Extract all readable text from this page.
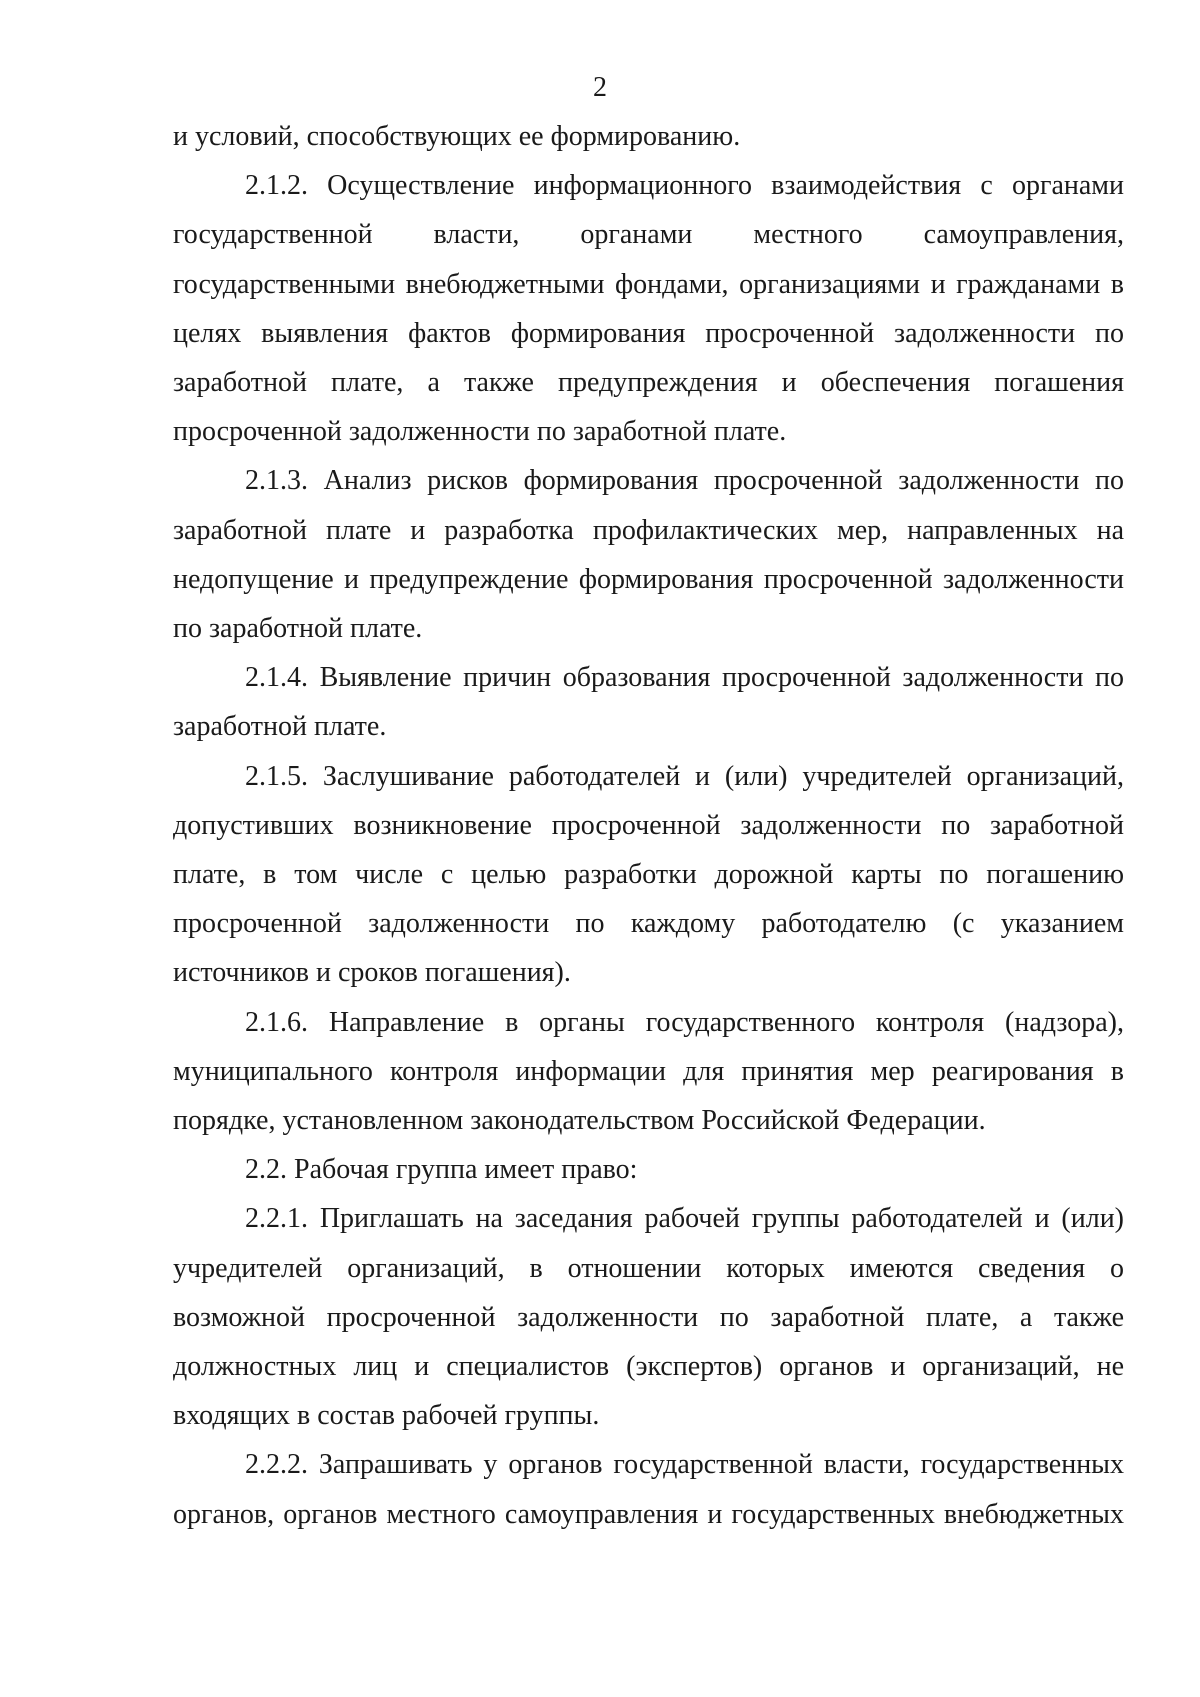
2

и условий, способствующих ее формированию.

2.1.2. Осуществление информационного взаимодействия с органами государственной власти, органами местного самоуправления, государственными внебюджетными фондами, организациями и гражданами в целях выявления фактов формирования просроченной задолженности по заработной плате, а также предупреждения и обеспечения погашения просроченной задолженности по заработной плате.

2.1.3. Анализ рисков формирования просроченной задолженности по заработной плате и разработка профилактических мер, направленных на недопущение и предупреждение формирования просроченной задолженности по заработной плате.

2.1.4. Выявление причин образования просроченной задолженности по заработной плате.

2.1.5. Заслушивание работодателей и (или) учредителей организаций, допустивших возникновение просроченной задолженности по заработной плате, в том числе с целью разработки дорожной карты по погашению просроченной задолженности по каждому работодателю (с указанием источников и сроков погашения).

2.1.6. Направление в органы государственного контроля (надзора), муниципального контроля информации для принятия мер реагирования в порядке, установленном законодательством Российской Федерации.

2.2. Рабочая группа имеет право:

2.2.1. Приглашать на заседания рабочей группы работодателей и (или) учредителей организаций, в отношении которых имеются сведения о возможной просроченной задолженности по заработной плате, а также должностных лиц и специалистов (экспертов) органов и организаций, не входящих в состав рабочей группы.

2.2.2. Запрашивать у органов государственной власти, государственных органов, органов местного самоуправления и государственных внебюджетных
